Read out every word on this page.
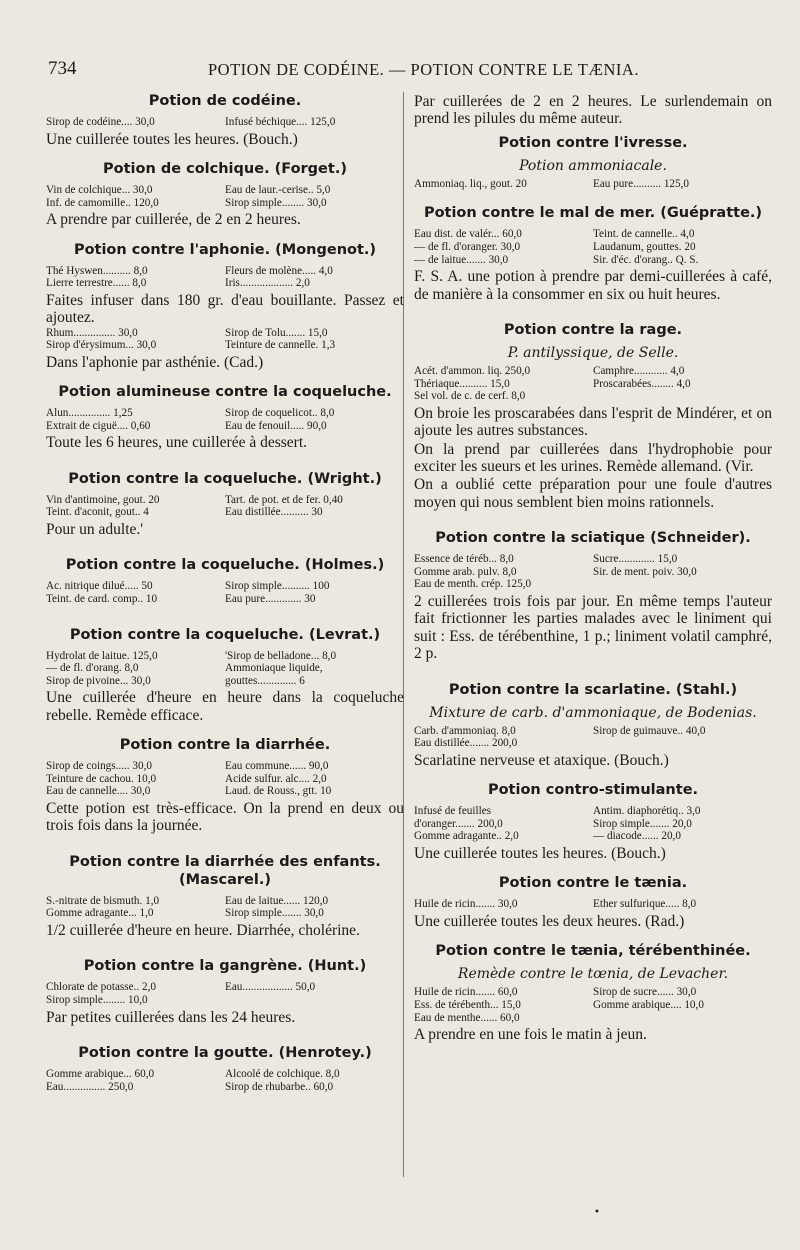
734	POTION DE CODÉINE. — POTION CONTRE LE TÆNIA.
Potion de codéine.
Sirop de codéine.... 30,0	Infusé béchique.... 125,0
Une cuillerée toutes les heures. (Bouch.)
Potion de colchique. (Forget.)
Vin de colchique... 30,0	Eau de laur.-cerise.. 5,0
Inf. de camomille.. 120,0	Sirop simple........ 30,0
A prendre par cuillerée, de 2 en 2 heures.
Potion contre l'aphonie. (Mongenot.)
Thé Hyswen.......... 8,0	Fleurs de molène..... 4,0
Lierre terrestre...... 8,0	Iris................... 2,0
Faites infuser dans 180 gr. d'eau bouillante. Passez et ajoutez.
Rhum............... 30,0	Sirop de Tolu....... 15,0
Sirop d'érysimum... 30,0	Teinture de cannelle. 1,3
Dans l'aphonie par asthénie. (Cad.)
Potion alumineuse contre la coqueluche.
Alun............... 1,25	Sirop de coquelicot.. 8,0
Extrait de ciguë.... 0,60	Eau de fenouil..... 90,0
Toute les 6 heures, une cuillerée à dessert.
Potion contre la coqueluche. (Wright.)
Vin d'antimoine, gout. 20	Tart. de pot. et de fer. 0,40
Teint. d'aconit, gout.. 4	Eau distillée.......... 30
Pour un adulte.'
Potion contre la coqueluche. (Holmes.)
Ac. nitrique dilué..... 50	Sirop simple.......... 100
Teint. de card. comp.. 10	Eau pure............. 30
Potion contre la coqueluche. (Levrat.)
Hydrolat de laitue. 125,0	'Sirop de belladone... 8,0
— de fl. d'orang. 8,0	Ammoniaque liquide,
Sirop de pivoine... 30,0	gouttes.............. 6
Une cuillerée d'heure en heure dans la coqueluche rebelle. Remède efficace.
Potion contre la diarrhée.
Sirop de coings..... 30,0	Eau commune...... 90,0
Teinture de cachou. 10,0	Acide sulfur. alc.... 2,0
Eau de cannelle.... 30,0	Laud. de Rouss., gtt. 10
Cette potion est très-efficace. On la prend en deux ou trois fois dans la journée.
Potion contre la diarrhée des enfants. (Mascarel.)
S.-nitrate de bismuth. 1,0	Eau de laitue...... 120,0
Gomme adragante... 1,0	Sirop simple....... 30,0
1/2 cuillerée d'heure en heure. Diarrhée, cholérine.
Potion contre la gangrène. (Hunt.)
Chlorate de potasse.. 2,0	Eau.................. 50,0
Sirop simple........ 10,0
Par petites cuillerées dans les 24 heures.
Potion contre la goutte. (Henrotey.)
Gomme arabique... 60,0	Alcoolé de colchique. 8,0
Eau............... 250,0	Sirop de rhubarbe.. 60,0
Par cuillerées de 2 en 2 heures. Le surlendemain on prend les pilules du même auteur.
Potion contre l'ivresse.
Potion ammoniacale.
Ammoniaq. liq., gout. 20	Eau pure.......... 125,0
Potion contre le mal de mer. (Guépratte.)
Eau dist. de valér... 60,0	Teint. de cannelle.. 4,0
— de fl. d'oranger. 30,0	Laudanum, gouttes. 20
— de laitue....... 30,0	Sir. d'éc. d'orang.. Q. S.
F. S. A. une potion à prendre par demi-cuillerées à café, de manière à la consommer en six ou huit heures.
Potion contre la rage.
P. antilyssique, de Selle.
Acét. d'ammon. liq. 250,0	Camphre............ 4,0
Thériaque.......... 15,0	Proscarabées........ 4,0
Sel vol. de c. de cerf. 8,0
On broie les proscarabées dans l'esprit de Mindérer, et on ajoute les autres substances.
On la prend par cuillerées dans l'hydrophobie pour exciter les sueurs et les urines. Remède allemand. (Vir.
On a oublié cette préparation pour une foule d'autres moyen qui nous semblent bien moins rationnels.
Potion contre la sciatique (Schneider).
Essence de téréb... 8,0	Sucre............. 15,0
Gomme arab. pulv. 8,0	Sir. de ment. poiv. 30,0
Eau de menth. crép. 125,0
2 cuillerées trois fois par jour. En même temps l'auteur fait frictionner les parties malades avec le liniment qui suit : Ess. de térébenthine, 1 p.; liniment volatil camphré, 2 p.
Potion contre la scarlatine. (Stahl.)
Mixture de carb. d'ammoniaque, de Bodenias.
Carb. d'ammoniaq. 8,0	Sirop de guimauve.. 40,0
Eau distillée....... 200,0
Scarlatine nerveuse et ataxique. (Bouch.)
Potion contro-stimulante.
Infusé de feuilles	Antim. diaphorétiq.. 3,0
d'oranger....... 200,0	Sirop simple....... 20,0
Gomme adragante.. 2,0	— diacode...... 20,0
Une cuillerée toutes les heures. (Bouch.)
Potion contre le tænia.
Huile de ricin....... 30,0	Ether sulfurique..... 8,0
Une cuillerée toutes les deux heures. (Rad.)
Potion contre le tænia, térébenthinée.
Remède contre le tœnia, de Levacher.
Huile de ricin....... 60,0	Sirop de sucre...... 30,0
Ess. de térébenth... 15,0	Gomme arabique.... 10,0
Eau de menthe...... 60,0
A prendre en une fois le matin à jeun.
•
